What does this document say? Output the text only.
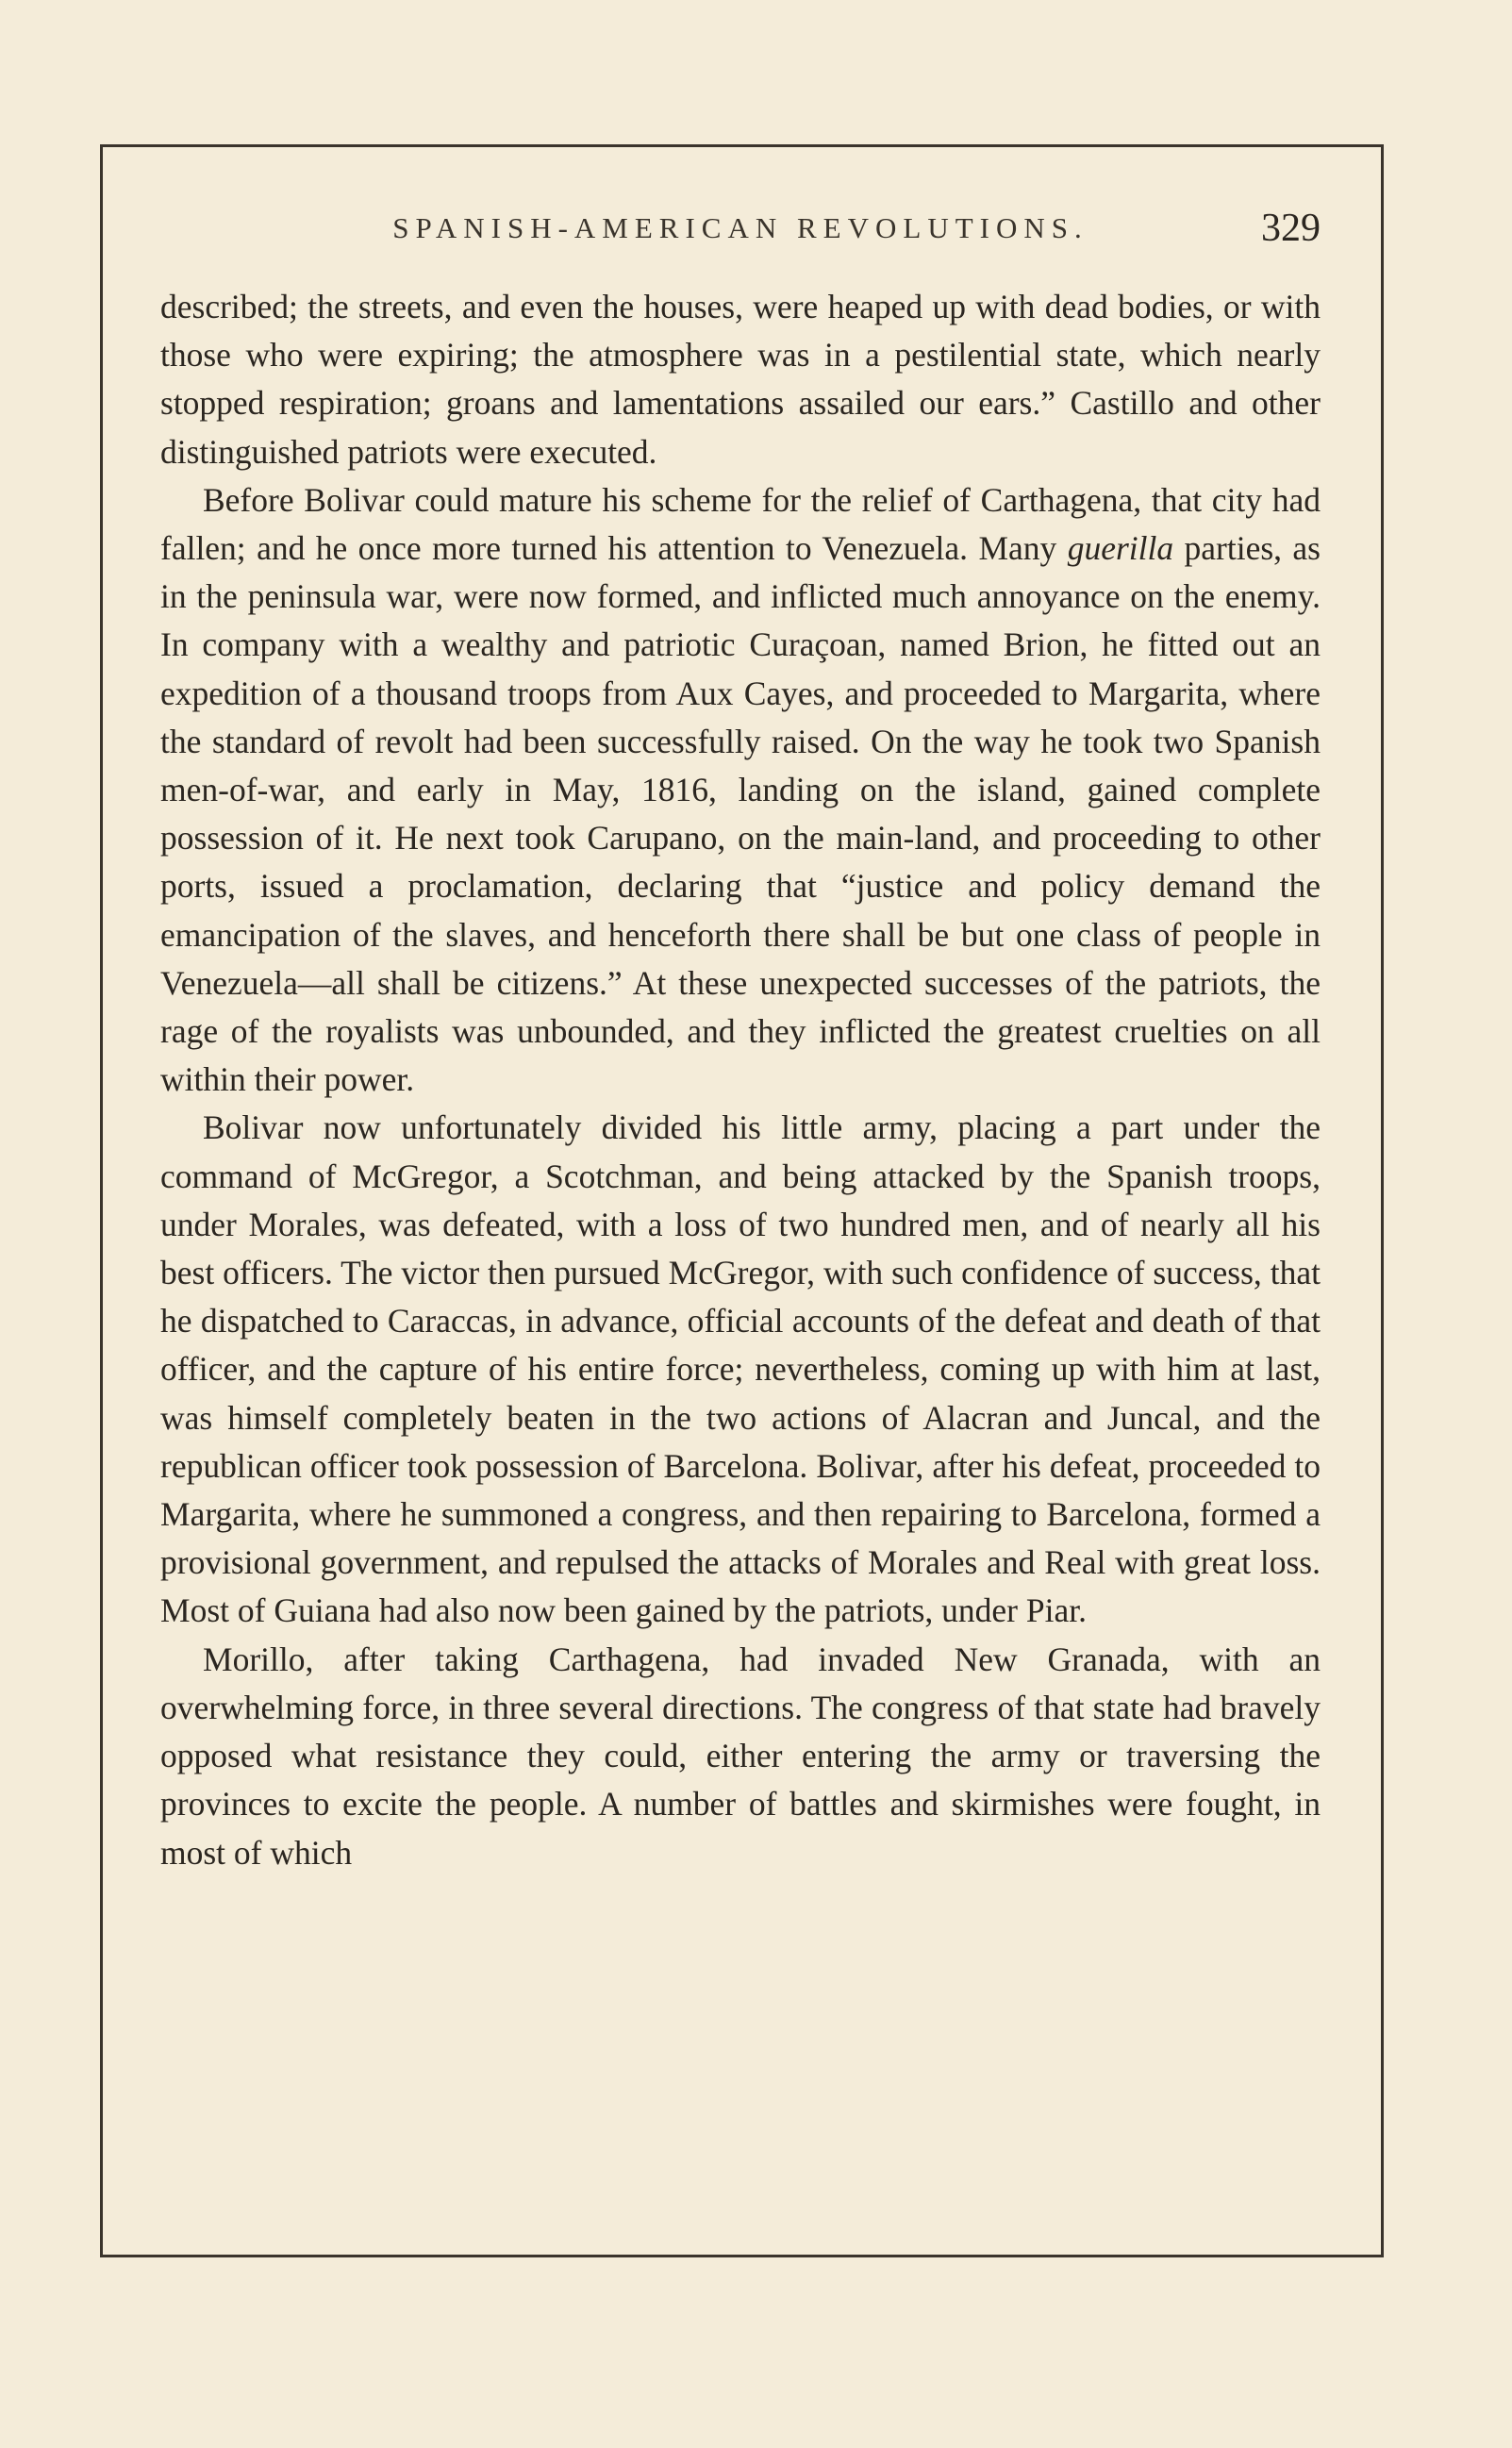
SPANISH-AMERICAN REVOLUTIONS.	329

described; the streets, and even the houses, were heaped up with dead bodies, or with those who were expiring; the atmosphere was in a pestilential state, which nearly stopped respiration; groans and lamentations assailed our ears.” Castillo and other distinguished patriots were executed.

Before Bolivar could mature his scheme for the relief of Carthagena, that city had fallen; and he once more turned his attention to Venezuela. Many guerilla parties, as in the peninsula war, were now formed, and inflicted much annoyance on the enemy. In company with a wealthy and patriotic Curaçoan, named Brion, he fitted out an expedition of a thousand troops from Aux Cayes, and proceeded to Margarita, where the standard of revolt had been successfully raised. On the way he took two Spanish men-of-war, and early in May, 1816, landing on the island, gained complete possession of it. He next took Carupano, on the main-land, and proceeding to other ports, issued a proclamation, declaring that “justice and policy demand the emancipation of the slaves, and henceforth there shall be but one class of people in Venezuela—all shall be citizens.” At these unexpected successes of the patriots, the rage of the royalists was unbounded, and they inflicted the greatest cruelties on all within their power.

Bolivar now unfortunately divided his little army, placing a part under the command of McGregor, a Scotchman, and being attacked by the Spanish troops, under Morales, was defeated, with a loss of two hundred men, and of nearly all his best officers. The victor then pursued McGregor, with such confidence of success, that he dispatched to Caraccas, in advance, official accounts of the defeat and death of that officer, and the capture of his entire force; nevertheless, coming up with him at last, was himself completely beaten in the two actions of Alacran and Juncal, and the republican officer took possession of Barcelona. Bolivar, after his defeat, proceeded to Margarita, where he summoned a congress, and then repairing to Barcelona, formed a provisional government, and repulsed the attacks of Morales and Real with great loss. Most of Guiana had also now been gained by the patriots, under Piar.

Morillo, after taking Carthagena, had invaded New Granada, with an overwhelming force, in three several directions. The congress of that state had bravely opposed what resistance they could, either entering the army or traversing the provinces to excite the people. A number of battles and skirmishes were fought, in most of which
